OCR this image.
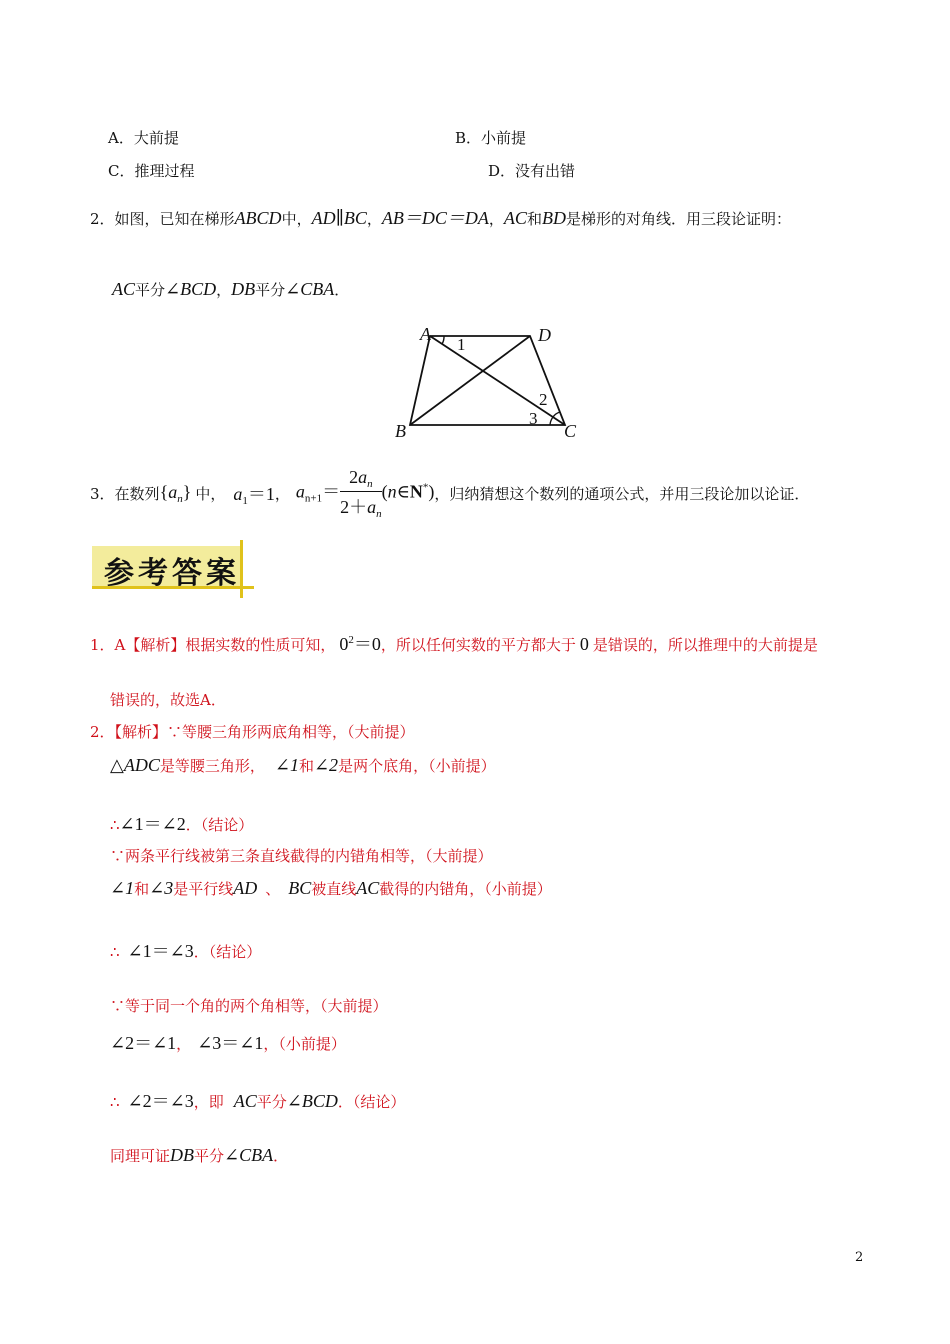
A．大前提	B．小前提
C．推理过程	D．没有出错
2．如图，已知在梯形ABCD中，AD∥BC，AB＝DC＝DA，AC和BD是梯形的对角线．用三段论证明：
AC平分∠BCD，DB平分∠CBA．
A	D
B	C
1
2
3
3．在数列$\{a_n\}$ 中， $a_1=1$， $a_{n+1}= \frac{2a_n}{2+a_n}$ (n∈N*)，归纳猜想这个数列的通项公式，并用三段论加以论证．
参考答案
1．A【解析】根据实数的性质可知， $0^2=0$，所以任何实数的平方都大于 0 是错误的，所以推理中的大前提是
错误的，故选A．
2．【解析】∵等腰三角形两底角相等，（大前提）
△ADC是等腰三角形， ∠1和∠2是两个底角，（小前提）
∴∠1＝∠2．（结论）
∵两条平行线被第三条直线截得的内错角相等，（大前提）
∠1和∠3是平行线AD 、 BC被直线AC截得的内错角，（小前提）
∴ ∠1＝∠3．（结论）
∵等于同一个角的两个角相等，（大前提）
∠2＝∠1， ∠3＝∠1，（小前提）
∴ ∠2＝∠3，即 AC平分∠BCD．（结论）
同理可证DB平分∠CBA．
2
